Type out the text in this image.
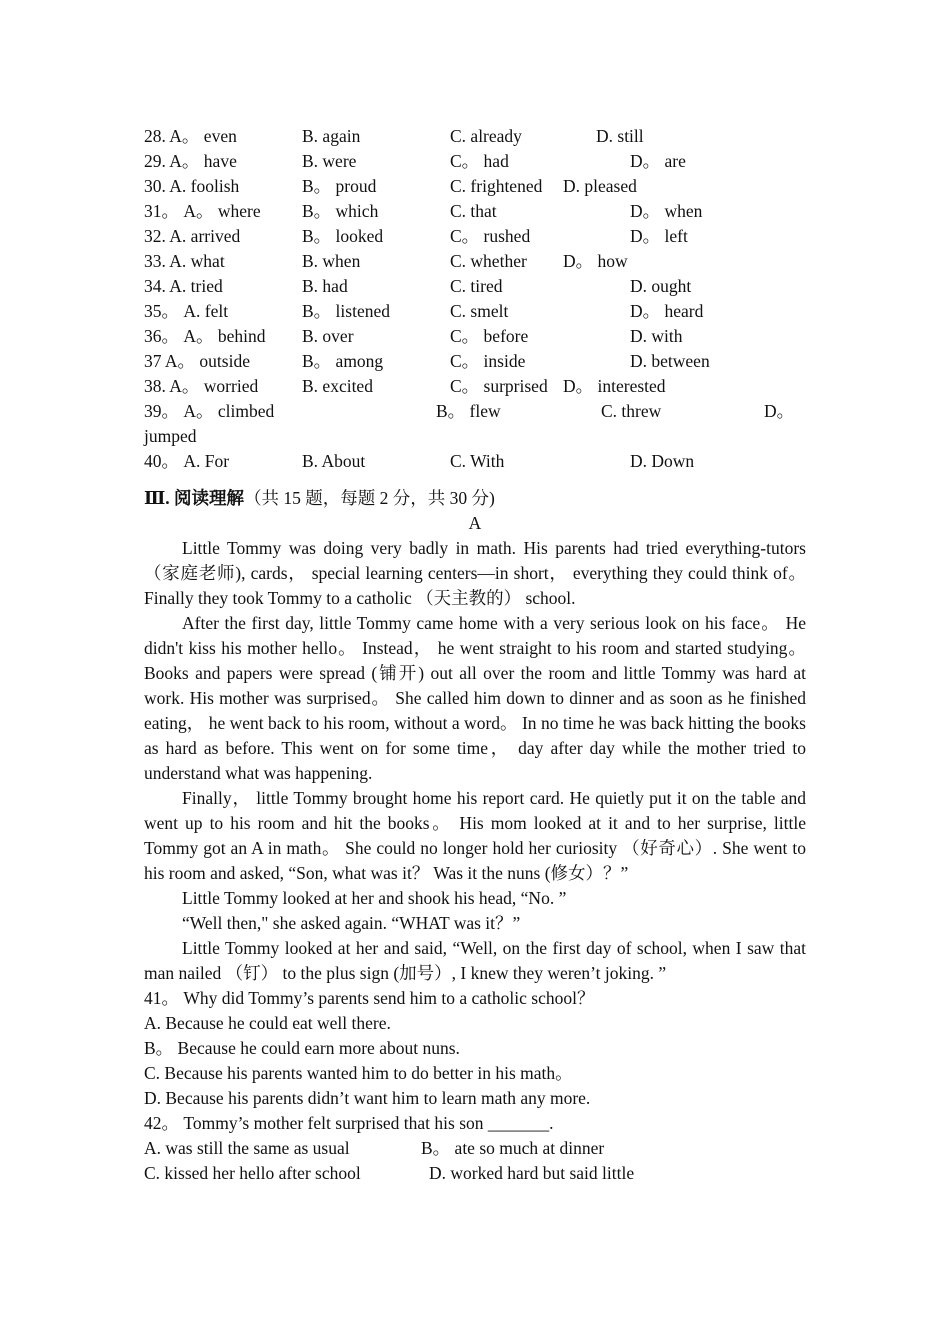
28. A。 even	B. again	C. already	D. still
29. A。 have	B. were	C。 had	D。 are
30. A. foolish	B。 proud	C. frightened D. pleased
31。 A。 where B。 which	C. that	D。 when
32. A. arrived	B。 looked	C。 rushed	D。 left
33. A. what	B. when	C. whether D。 how
34. A. tried	B. had	C. tired	D. ought
35。 A. felt	B。 listened	C. smelt	D。 heard
36。 A。 behind B. over	C。 before	D. with
37 A。 outside	B。 among	C。 inside	D. between
38. A。 worried	B. excited	C。 surprised D。 interested
39。 A。 climbed	B。 flew	C. threw	D。
jumped
40。 A. For	B. About	C. With	D. Down
Ⅲ. 阅读理解（共 15 题，每题 2 分，共 30 分)
A

Little Tommy was doing very badly in math. His parents had tried everything-tutors （家庭老师), cards， special learning centers—in short， everything they could think of。 Finally they took Tommy to a catholic （天主教的） school.

After the first day, little Tommy came home with a very serious look on his face。 He didn't kiss his mother hello。 Instead， he went straight to his room and started studying。 Books and papers were spread (铺开) out all over the room and little Tommy was hard at work. His mother was surprised。 She called him down to dinner and as soon as he finished eating， he went back to his room, without a word。 In no time he was back hitting the books as hard as before. This went on for some time， day after day while the mother tried to understand what was happening.

Finally， little Tommy brought home his report card. He quietly put it on the table and went up to his room and hit the books。 His mom looked at it and to her surprise, little Tommy got an A in math。 She could no longer hold her curiosity （好奇心）. She went to his room and asked, “Son, what was it？ Was it the nuns (修女）？”

Little Tommy looked at her and shook his head, “No. ”

“Well then," she asked again. “WHAT was it？”

Little Tommy looked at her and said, “Well, on the first day of school, when I saw that man nailed （钉） to the plus sign (加号）, I knew they weren’t joking. ”

41。 Why did Tommy’s parents send him to a catholic school？

A. Because he could eat well there.

B。 Because he could earn more about nuns.

C. Because his parents wanted him to do better in his math。

D. Because his parents didn’t want him to learn math any more.

42。 Tommy’s mother felt surprised that his son _______.

A. was still the same as usual	B。 ate so much at dinner
C. kissed her hello after school	D. worked hard but said little
